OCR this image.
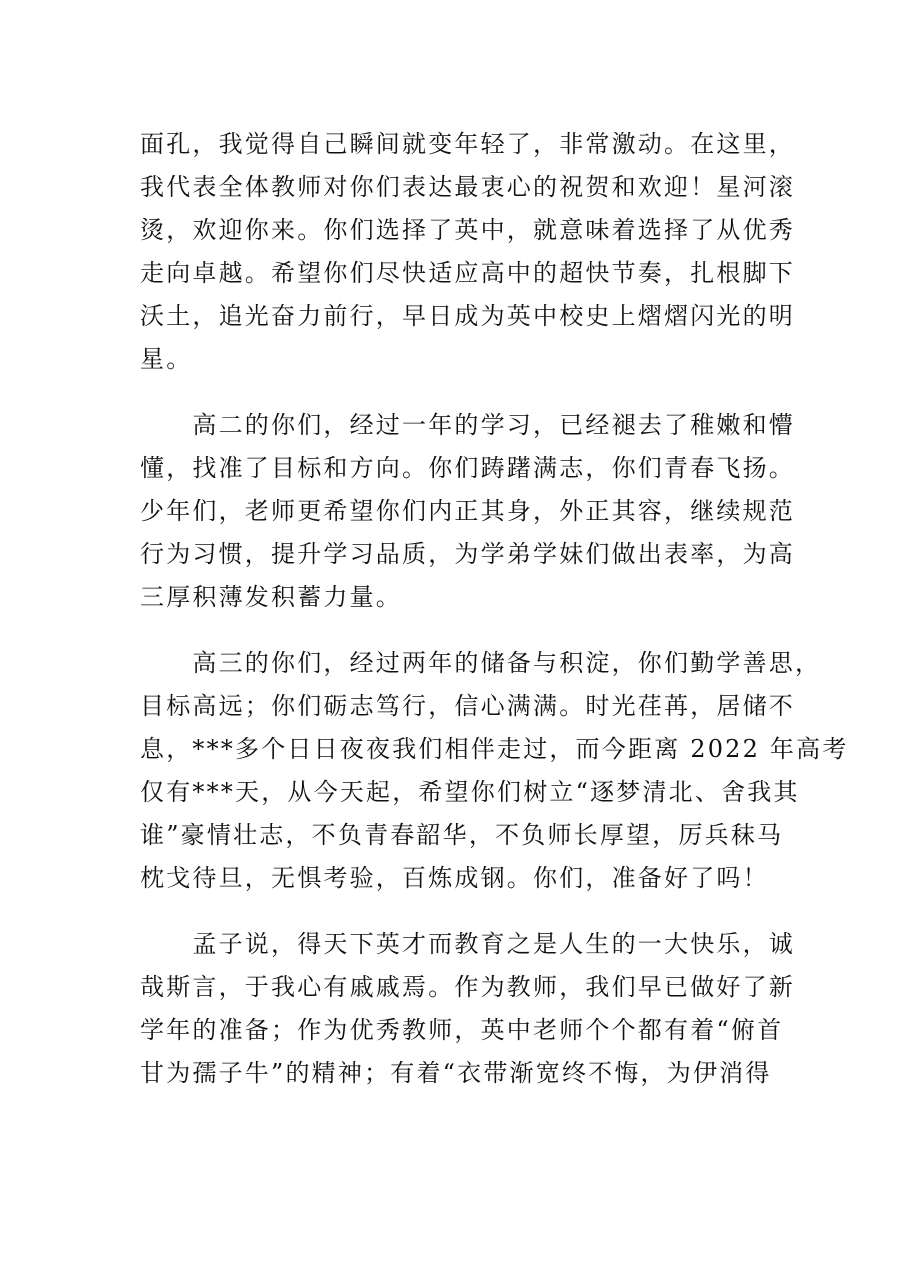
面孔，我觉得自己瞬间就变年轻了，非常激动。在这里，
我代表全体教师对你们表达最衷心的祝贺和欢迎！星河滚
烫，欢迎你来。你们选择了英中，就意味着选择了从优秀
走向卓越。希望你们尽快适应高中的超快节奏，扎根脚下
沃土，追光奋力前行，早日成为英中校史上熠熠闪光的明
星。
　　高二的你们，经过一年的学习，已经褪去了稚嫩和懵
懂，找准了目标和方向。你们踌躇满志，你们青春飞扬。
少年们，老师更希望你们内正其身，外正其容，继续规范
行为习惯，提升学习品质，为学弟学妹们做出表率，为高
三厚积薄发积蓄力量。
　　高三的你们，经过两年的储备与积淀，你们勤学善思，
目标高远；你们砺志笃行，信心满满。时光荏苒，居储不
息，***多个日日夜夜我们相伴走过，而今距离 2022 年高考
仅有***天，从今天起，希望你们树立“逐梦清北、舍我其
谁”豪情壮志，不负青春韶华，不负师长厚望，厉兵秣马
枕戈待旦，无惧考验，百炼成钢。你们，准备好了吗！
　　孟子说，得天下英才而教育之是人生的一大快乐，诚
哉斯言，于我心有戚戚焉。作为教师，我们早已做好了新
学年的准备；作为优秀教师，英中老师个个都有着“俯首
甘为孺子牛”的精神；有着“衣带渐宽终不悔，为伊消得
